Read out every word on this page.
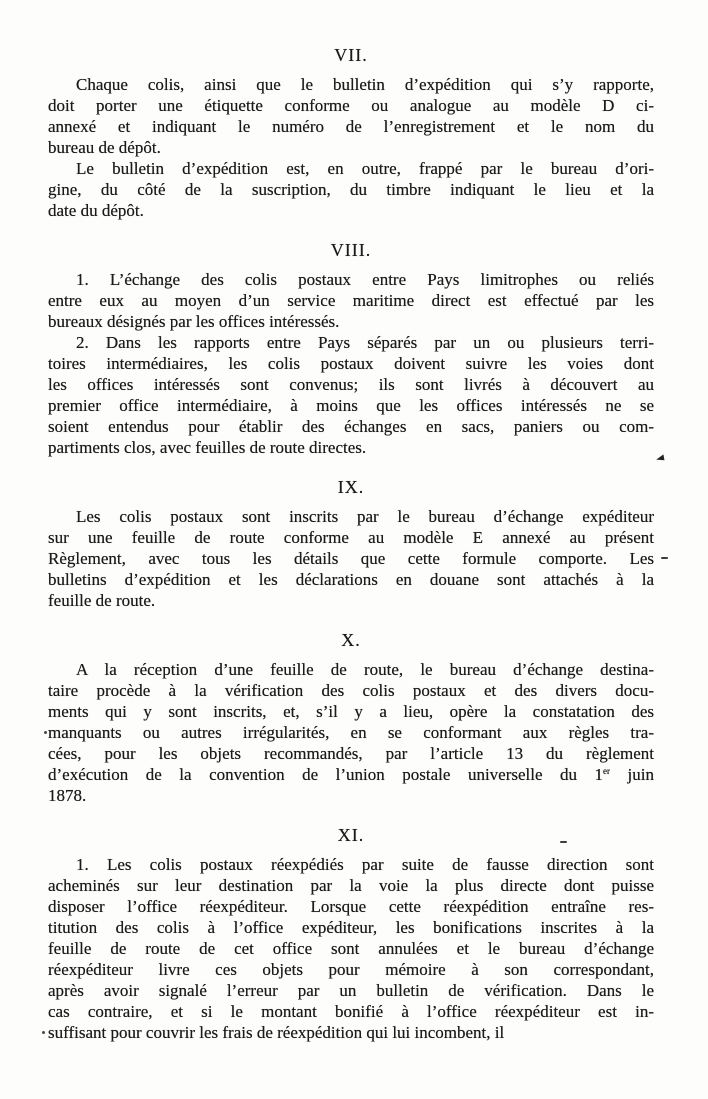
VII.
Chaque colis, ainsi que le bulletin d’expédition qui s’y rapporte,
doit porter une étiquette conforme ou analogue au modèle D ci-
annexé et indiquant le numéro de l’enregistrement et le nom du
bureau de dépôt.
Le bulletin d’expédition est, en outre, frappé par le bureau d’ori-
gine, du côté de la suscription, du timbre indiquant le lieu et la
date du dépôt.
VIII.
1. L’échange des colis postaux entre Pays limitrophes ou reliés
entre eux au moyen d’un service maritime direct est effectué par les
bureaux désignés par les offices intéressés.
2. Dans les rapports entre Pays séparés par un ou plusieurs terri-
toires intermédiaires, les colis postaux doivent suivre les voies dont
les offices intéressés sont convenus; ils sont livrés à découvert au
premier office intermédiaire, à moins que les offices intéressés ne se
soient entendus pour établir des échanges en sacs, paniers ou com-
partiments clos, avec feuilles de route directes.
IX.
Les colis postaux sont inscrits par le bureau d’échange expéditeur
sur une feuille de route conforme au modèle E annexé au présent
Règlement, avec tous les détails que cette formule comporte. Les
bulletins d’expédition et les déclarations en douane sont attachés à la
feuille de route.
X.
A la réception d’une feuille de route, le bureau d’échange destina-
taire procède à la vérification des colis postaux et des divers docu-
ments qui y sont inscrits, et, s’il y a lieu, opère la constatation des
manquants ou autres irrégularités, en se conformant aux règles tra-
cées, pour les objets recommandés, par l’article 13 du règlement
d’exécution de la convention de l’union postale universelle du 1er juin
1878.
XI.
1. Les colis postaux réexpédiés par suite de fausse direction sont
acheminés sur leur destination par la voie la plus directe dont puisse
disposer l’office réexpéditeur. Lorsque cette réexpédition entraîne res-
titution des colis à l’office expéditeur, les bonifications inscrites à la
feuille de route de cet office sont annulées et le bureau d’échange
réexpéditeur livre ces objets pour mémoire à son correspondant,
après avoir signalé l’erreur par un bulletin de vérification. Dans le
cas contraire, et si le montant bonifié à l’office réexpéditeur est in-
suffisant pour couvrir les frais de réexpédition qui lui incombent, il
